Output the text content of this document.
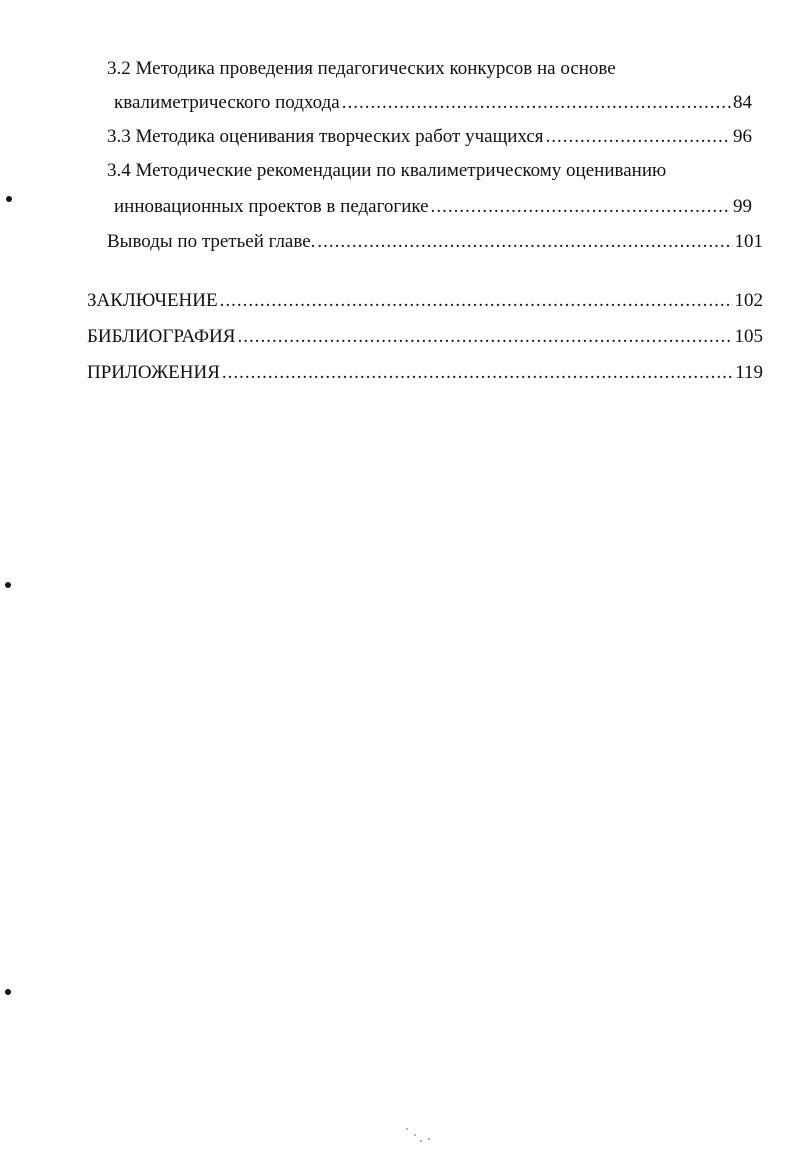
3.2 Методика проведения педагогических конкурсов на основе
квалиметрического подхода .....	84
3.3 Методика оценивания творческих работ учащихся .....	96
3.4 Методические рекомендации по квалиметрическому оцениванию
инновационных проектов в педагогике .....	99
Выводы по третьей главе. .....	101
ЗАКЛЮЧЕНИЕ .....	102
БИБЛИОГРАФИЯ .....	105
ПРИЛОЖЕНИЯ .....	119
